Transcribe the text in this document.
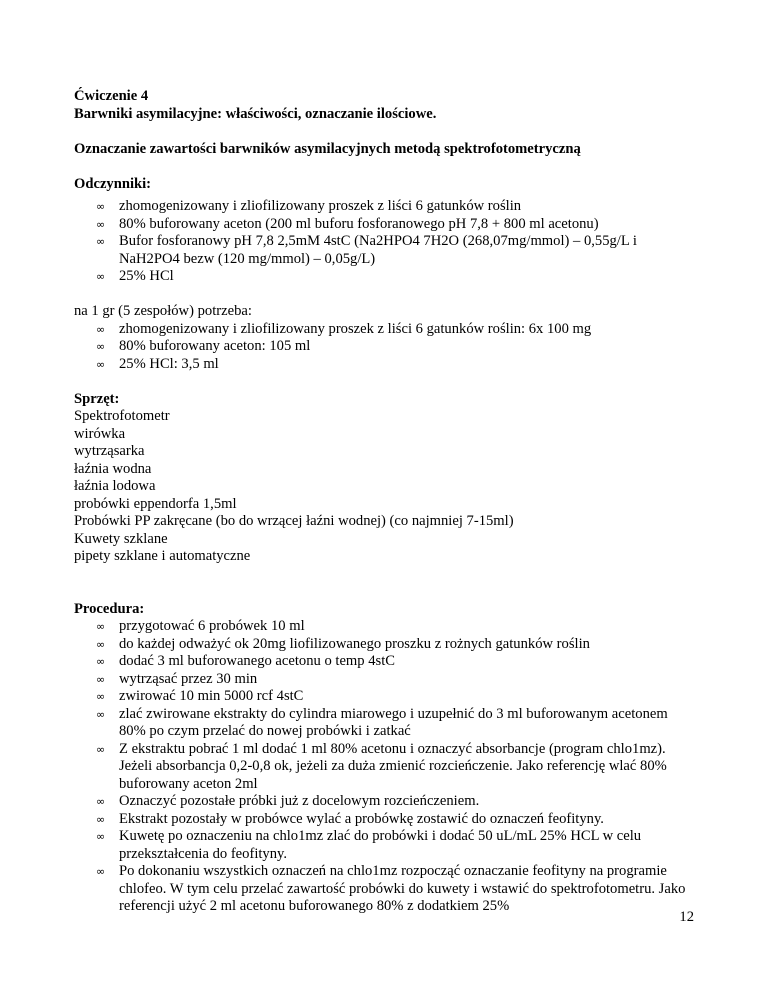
Ćwiczenie 4
Barwniki asymilacyjne: właściwości, oznaczanie ilościowe.
Oznaczanie zawartości barwników asymilacyjnych metodą spektrofotometryczną
Odczynniki:
∞ zhomogenizowany i zliofilizowany proszek z liści 6 gatunków roślin
∞ 80% buforowany aceton (200 ml buforu fosforanowego pH 7,8 + 800 ml acetonu)
∞ Bufor fosforanowy pH 7,8 2,5mM 4stC (Na2HPO4 7H2O (268,07mg/mmol) – 0,55g/L i NaH2PO4 bezw (120 mg/mmol) – 0,05g/L)
∞ 25% HCl
na 1 gr (5 zespołów) potrzeba:
∞ zhomogenizowany i zliofilizowany proszek z liści 6 gatunków roślin: 6x 100 mg
∞ 80% buforowany aceton: 105 ml
∞ 25% HCl: 3,5 ml
Sprzęt:
Spektrofotometr
wirówka
wytrząsarka
łaźnia wodna
łaźnia lodowa
probówki eppendorfa 1,5ml
Probówki PP zakręcane (bo do wrzącej łaźni wodnej) (co najmniej 7-15ml)
Kuwety szklane
pipety szklane i automatyczne
Procedura:
∞ przygotować 6 probówek 10 ml
∞ do każdej odważyć ok 20mg liofilizowanego proszku z rożnych gatunków roślin
∞ dodać 3 ml buforowanego acetonu o temp 4stC
∞ wytrząsać przez 30 min
∞ zwirować 10 min 5000 rcf 4stC
∞ zlać zwirowane ekstrakty do cylindra miarowego i uzupełnić do 3 ml buforowanym acetonem 80% po czym przelać do nowej probówki i zatkać
∞ Z ekstraktu pobrać 1 ml dodać 1 ml 80% acetonu i oznaczyć absorbancje (program chlo1mz). Jeżeli absorbancja 0,2-0,8 ok, jeżeli za duża zmienić rozcieńczenie. Jako referencję wlać 80% buforowany aceton 2ml
∞ Oznaczyć pozostałe próbki już z docelowym rozcieńczeniem.
∞ Ekstrakt pozostały w probówce wylać a probówkę zostawić do oznaczeń feofityny.
∞ Kuwetę po oznaczeniu na chlo1mz zlać do probówki i dodać 50 uL/mL 25% HCL w celu przekształcenia do feofityny.
∞ Po dokonaniu wszystkich oznaczeń na chlo1mz rozpocząć oznaczanie feofityny na programie chlofeo. W tym celu przelać zawartość probówki do kuwety i wstawić do spektrofotometru. Jako referencji użyć 2 ml acetonu buforowanego 80% z dodatkiem 25%
12
